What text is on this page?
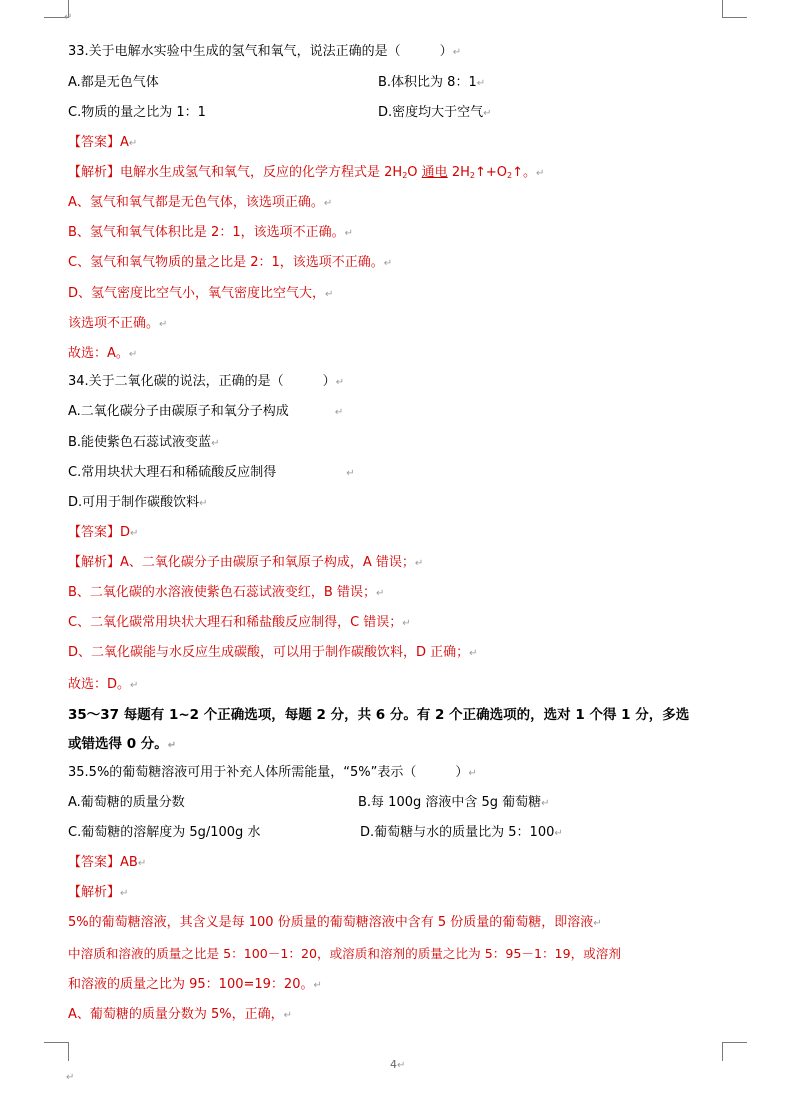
↵
33.关于电解水实验中生成的氢气和氧气，说法正确的是（　　　）↵
A.都是无色气体	B.体积比为 8：1↵
C.物质的量之比为 1：1	D.密度均大于空气↵
【答案】A↵
【解析】电解水生成氢气和氧气，反应的化学方程式是 $2H_2O$ 通电 $2H_2↑+O_2↑$。↵
A、氢气和氧气都是无色气体，该选项正确。↵
B、氢气和氧气体积比是 2：1，该选项不正确。↵
C、氢气和氧气物质的量之比是 2：1，该选项不正确。↵
D、氢气密度比空气小，氧气密度比空气大，↵
该选项不正确。↵
故选：A。↵
34.关于二氧化碳的说法，正确的是（　　　）↵
A.二氧化碳分子由碳原子和氧分子构成	↵
B.能使紫色石蕊试液变蓝↵
C.常用块状大理石和稀硫酸反应制得	↵
D.可用于制作碳酸饮料↵
【答案】D↵
【解析】A、二氧化碳分子由碳原子和氧原子构成，A 错误；↵
B、二氧化碳的水溶液使紫色石蕊试液变红，B 错误；↵
C、二氧化碳常用块状大理石和稀盐酸反应制得，C 错误；↵
D、二氧化碳能与水反应生成碳酸，可以用于制作碳酸饮料，D 正确；↵
故选：D。↵
35～37 每题有 1~2 个正确选项，每题 2 分，共 6 分。有 2 个正确选项的，选对 1 个得 1 分，多选
或错选得 0 分。↵
35.5%的葡萄糖溶液可用于补充人体所需能量，“5%”表示（　　　）↵
A.葡萄糖的质量分数	B.每 100g 溶液中含 5g 葡萄糖↵
C.葡萄糖的溶解度为 5g/100g 水	D.葡萄糖与水的质量比为 5：100↵
【答案】AB↵
【解析】↵
5%的葡萄糖溶液，其含义是每 100 份质量的葡萄糖溶液中含有 5 份质量的葡萄糖，即溶液↵
中溶质和溶液的质量之比是 5：100－1：20，或溶质和溶剂的质量之比为 5：95－1：19，或溶剂
和溶液的质量之比为 95：100=19：20。↵
A、葡萄糖的质量分数为 5%，正确，↵
4↵
↵
